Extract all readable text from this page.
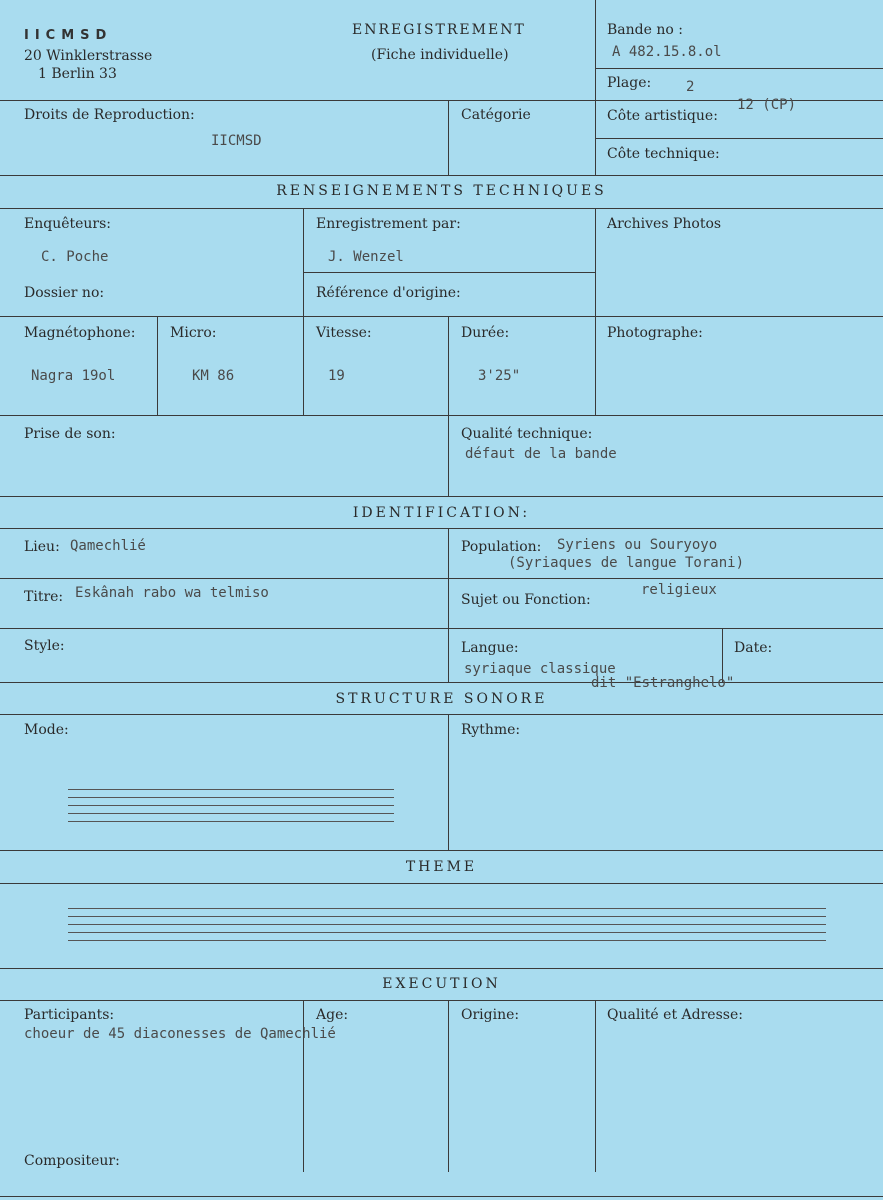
IICMSD
20 Winklerstrasse
1 Berlin 33
ENREGISTREMENT
(Fiche individuelle)
Bande no :
A 482.15.8.ol
Plage: 2
Droits de Reproduction:
IICMSD
Catégorie	Côte artistique:
12 (CP)
Côte technique:
RENSEIGNEMENTS TECHNIQUES
Enquêteurs:
C. Poche
Enregistrement par:
J. Wenzel
Archives Photos
Dossier no:	Référence d'origine:
Magnétophone:
Nagra 19ol
Micro:
KM 86
Vitesse:
19
Durée:
3'25"
Photographe:
Prise de son:	Qualité technique:
défaut de la bande
IDENTIFICATION:
Lieu: Qamechlié	Population: Syriens ou Souryoyo
(Syriaques de langue Torani)
Titre: Eskânah rabo wa telmiso	Sujet ou Fonction:
religieux
Style:	Langue:
syriaque classique
dit "Estranghelo"
Date:
STRUCTURE SONORE
Mode:	Rythme:
THEME
EXECUTION
Participants:
choeur de 45 diaconesses de Qamechlié
Age:	Origine:	Qualité et Adresse:
Compositeur:
